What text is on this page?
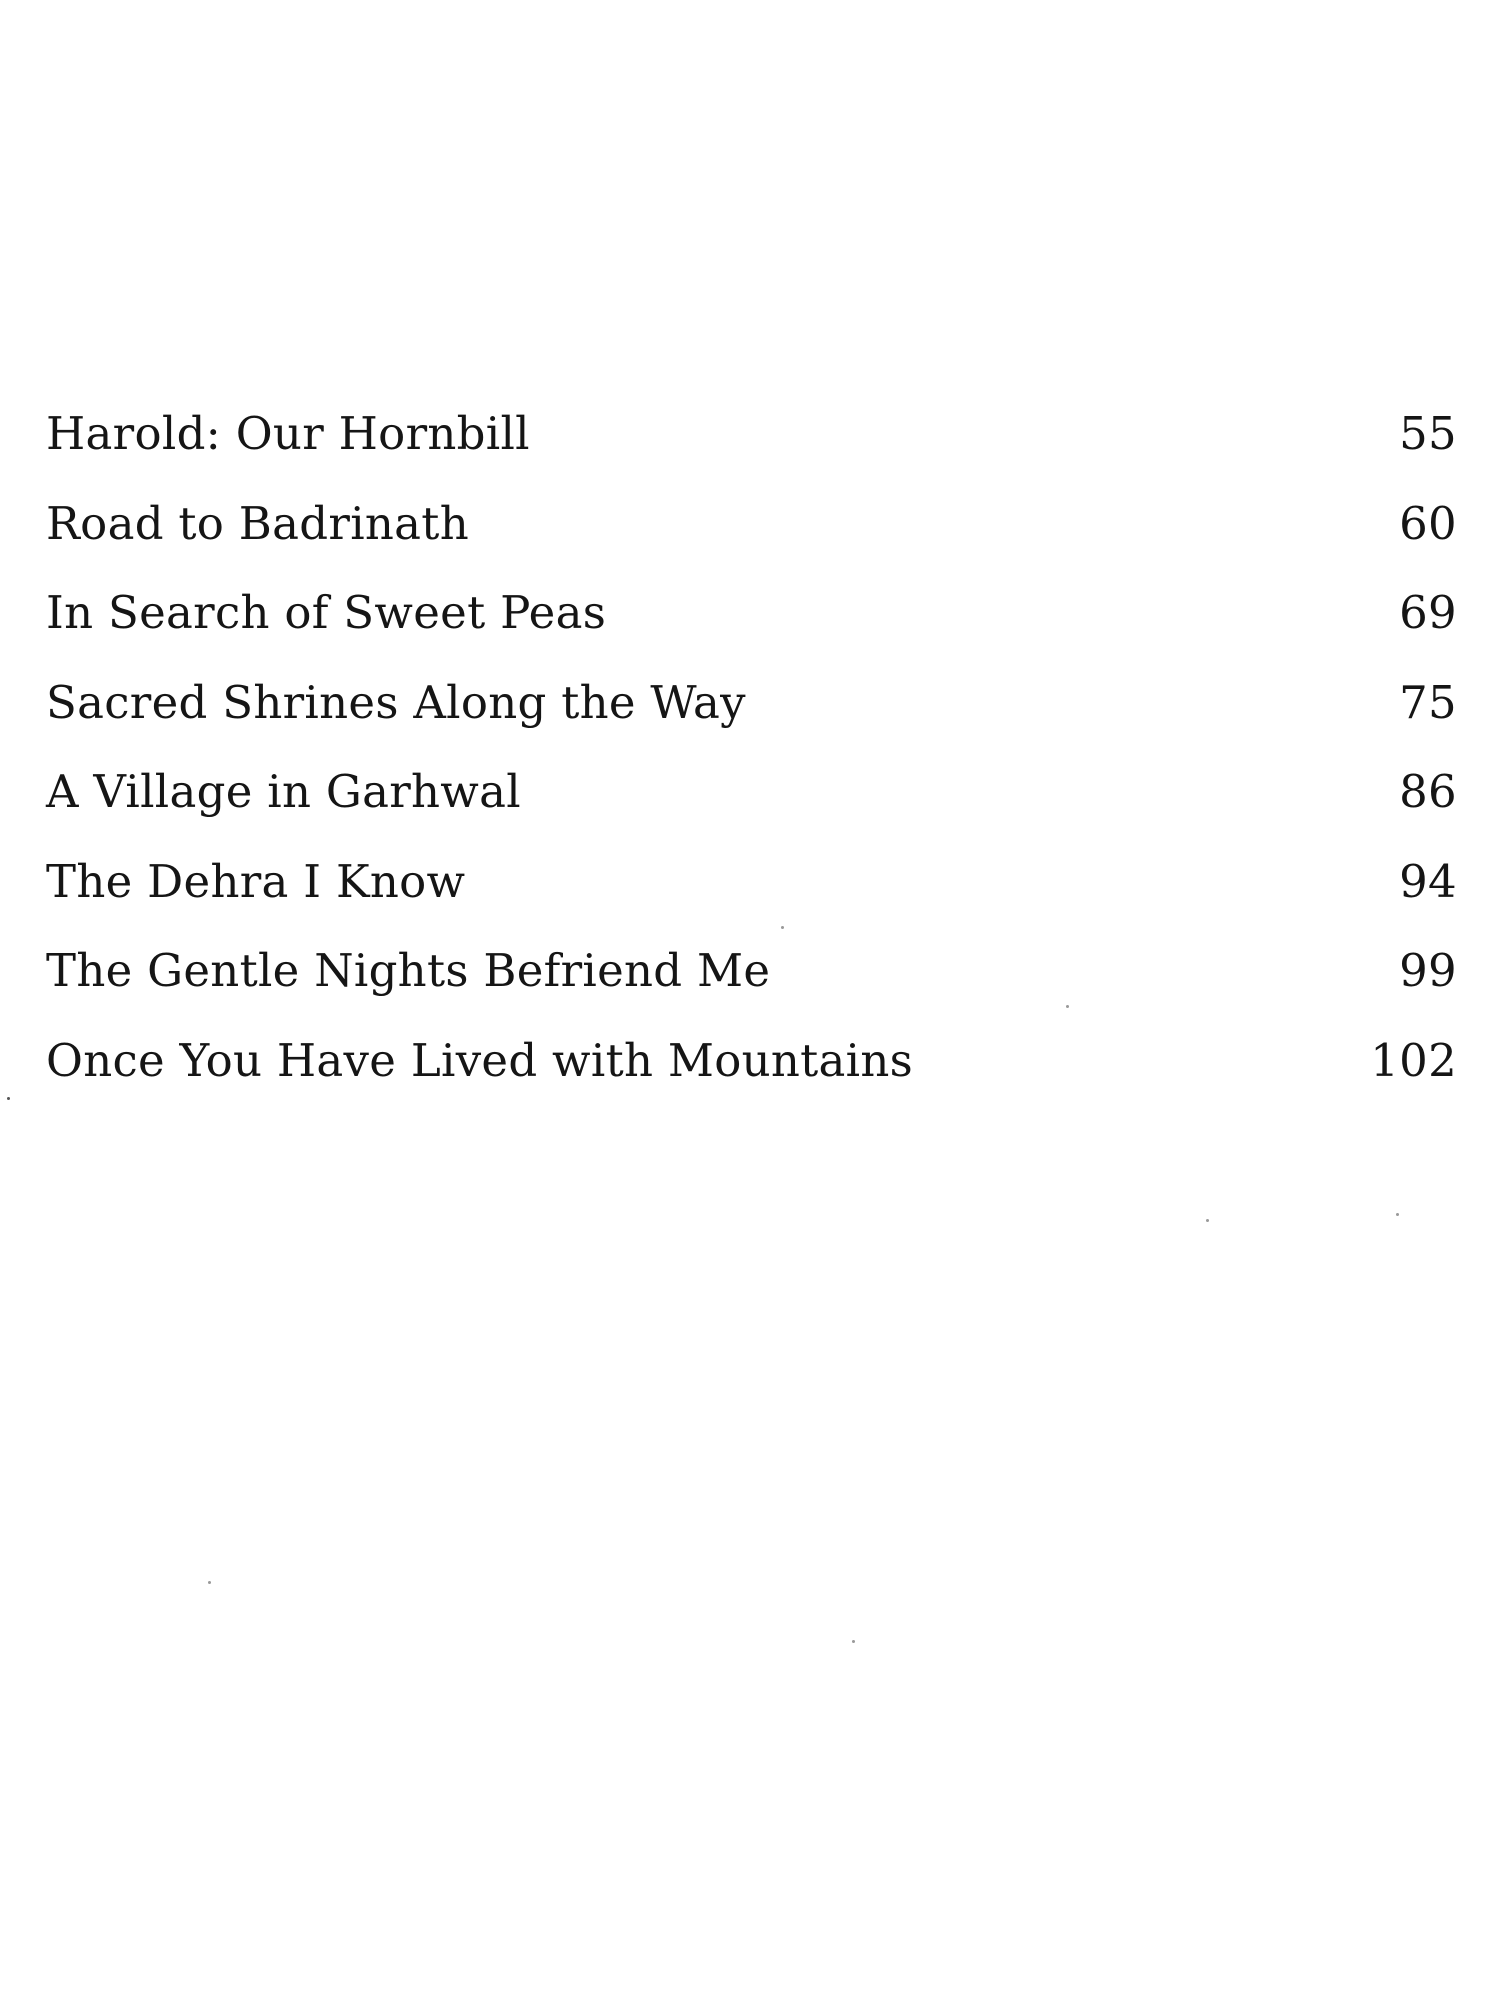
Harold: Our Hornbill	55
Road to Badrinath	60
In Search of Sweet Peas	69
Sacred Shrines Along the Way	75
A Village in Garhwal	86
The Dehra I Know	94
The Gentle Nights Befriend Me	99
Once You Have Lived with Mountains	102
